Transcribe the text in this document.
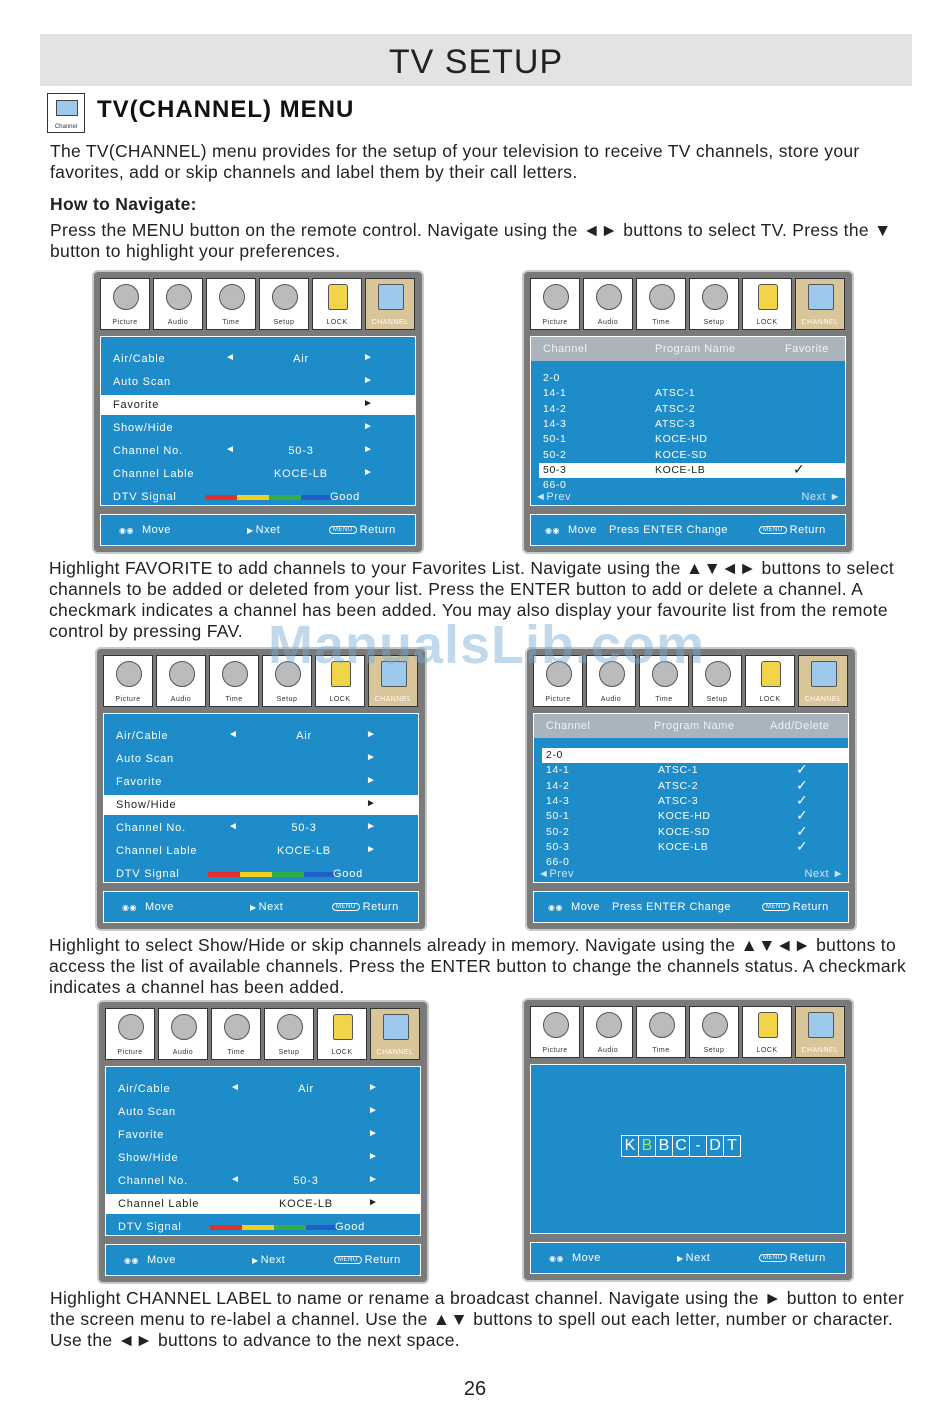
TV SETUP
Channel
TV(CHANNEL) MENU

The TV(CHANNEL) menu provides for the setup of your television to receive TV channels, store your favorites, add or skip channels and label them by their call letters.

How to Navigate:

Press the MENU button on the remote control. Navigate using the ◄► buttons to select TV. Press the ▼ button to highlight your preferences.

Picture	Audio	Time	Setup	LOCK	CHANNEL
Air/Cable	◄	Air	►
Auto Scan	►
Favorite	►
Show/Hide	►
Channel No.	◄	50-3	►
Channel Lable	KOCE-LB	►
DTV Signal	Good
◉◉ Move	▶ Nxet	MENU Return
Picture	Audio	Time	Setup	LOCK	CHANNEL
Channel	Program Name	Favorite
2-0
14-1	ATSC-1
14-2	ATSC-2
14-3	ATSC-3
50-1	KOCE-HD
50-2	KOCE-SD
50-3	KOCE-LB	✓
66-0
◄Prev	Next ►
◉◉ Move Press ENTER Change	MENU Return

Highlight FAVORITE to add channels to your Favorites List. Navigate using the ▲▼◄► buttons to select channels to be added or deleted from your list. Press the ENTER button to add or delete a channel. A checkmark indicates a channel has been added. You may also display your favourite list from the remote control by pressing FAV.

Picture	Audio	Time	Setup	LOCK	CHANNEL
Air/Cable	◄	Air	►
Auto Scan	►
Favorite	►
Show/Hide	►
Channel No.	◄	50-3	►
Channel Lable	KOCE-LB	►
DTV Signal	Good
◉◉ Move	▶ Next	MENU Return
Picture	Audio	Time	Setup	LOCK	CHANNEL
Channel	Program Name	Add/Delete
2-0
14-1	ATSC-1	✓
14-2	ATSC-2	✓
14-3	ATSC-3	✓
50-1	KOCE-HD	✓
50-2	KOCE-SD	✓
50-3	KOCE-LB	✓
66-0
◄Prev	Next ►
◉◉ Move Press ENTER Change	MENU Return
ManualsLib.com

Highlight to select Show/Hide or skip channels already in memory. Navigate using the ▲▼◄► buttons to access the list of available channels. Press the ENTER button to change the channels status. A checkmark indicates a channel has been added.

Picture	Audio	Time	Setup	LOCK	CHANNEL
Air/Cable	◄	Air	►
Auto Scan	►
Favorite	►
Show/Hide	►
Channel No.	◄	50-3	►
Channel Lable	KOCE-LB	►
DTV Signal	Good
◉◉ Move	▶ Next	MENU Return
Picture	Audio	Time	Setup	LOCK	CHANNEL
K B B C - D T
◉◉ Move	▶ Next	MENU Return

Highlight CHANNEL LABEL to name or rename a broadcast channel. Navigate using the ► button to enter the screen menu to re-label a channel. Use the ▲▼ buttons to spell out each letter, number or character. Use the ◄► buttons to advance to the next space.

26
